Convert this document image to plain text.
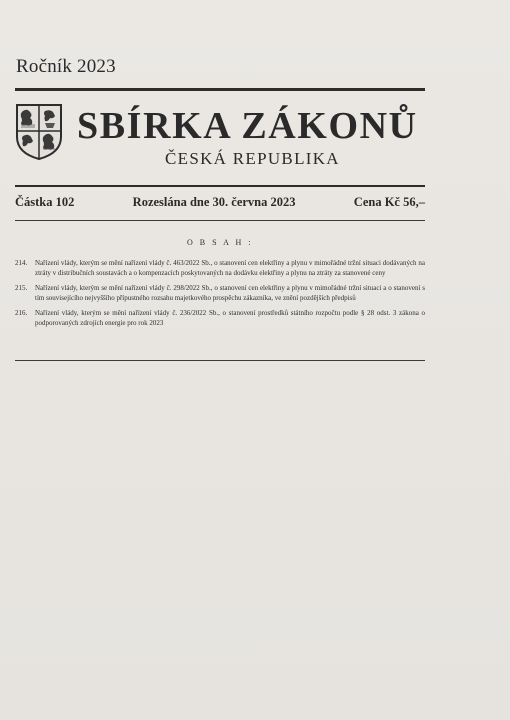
Ročník 2023
SBÍRKA ZÁKONŮ
ČESKÁ REPUBLIKA
Částka 102	Rozeslána dne 30. června 2023	Cena Kč 56,–
O B S A H :
214.	Nařízení vlády, kterým se mění nařízení vlády č. 463/2022 Sb., o stanovení cen elektřiny a plynu v mimořádné tržní situaci dodávaných na ztráty v distribučních soustavách a o kompenzacích poskytovaných na dodávku elektřiny a plynu na ztráty za stanovené ceny
215.	Nařízení vlády, kterým se mění nařízení vlády č. 298/2022 Sb., o stanovení cen elektřiny a plynu v mimořádné tržní situaci a o stanovení s tím souvisejícího nejvyššího přípustného rozsahu majetkového prospěchu zákazníka, ve znění pozdějších předpisů
216.	Nařízení vlády, kterým se mění nařízení vlády č. 236/2022 Sb., o stanovení prostředků státního rozpočtu podle § 28 odst. 3 zákona o podporovaných zdrojích energie pro rok 2023
